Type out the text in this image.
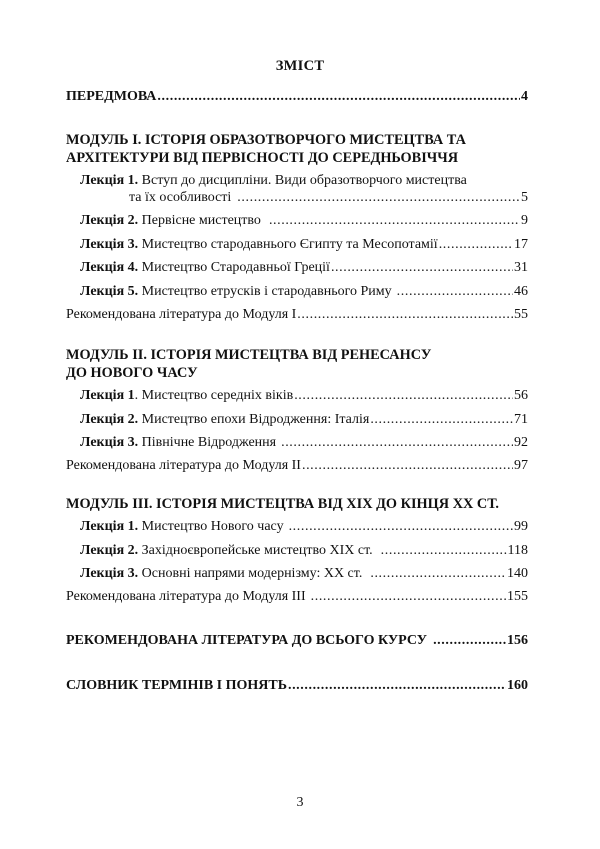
ЗМІСТ
ПЕРЕДМОВА .....	4
МОДУЛЬ І. ІСТОРІЯ ОБРАЗОТВОРЧОГО МИСТЕЦТВА ТА
АРХІТЕКТУРИ ВІД ПЕРВІСНОСТІ ДО СЕРЕДНЬОВІЧЧЯ
Лекція 1. Вступ до дисципліни. Види образотворчого мистецтва
та їх особливості .....	5
Лекція 2. Первісне мистецтво .....	9
Лекція 3. Мистецтво стародавнього Єгипту та Месопотамії .....	17
Лекція 4. Мистецтво Стародавньої Греції .....	31
Лекція 5. Мистецтво етрусків і стародавнього Риму .....	46
Рекомендована література до Модуля І .....	55
МОДУЛЬ ІІ. ІСТОРІЯ МИСТЕЦТВА ВІД РЕНЕСАНСУ
ДО НОВОГО ЧАСУ
Лекція 1. Мистецтво середніх віків .....	56
Лекція 2. Мистецтво епохи Відродження: Італія .....	71
Лекція 3. Північне Відродження .....	92
Рекомендована література до Модуля ІІ .....	97
МОДУЛЬ ІІІ. ІСТОРІЯ МИСТЕЦТВА ВІД ХІХ ДО КІНЦЯ ХХ СТ.
Лекція 1. Мистецтво Нового часу .....	99
Лекція 2. Західноєвропейське мистецтво ХІХ ст. .....	118
Лекція 3. Основні напрями модернізму: ХХ ст. .....	140
Рекомендована література до Модуля ІІІ .....	155
РЕКОМЕНДОВАНА ЛІТЕРАТУРА ДО ВСЬОГО КУРСУ .....	156
СЛОВНИК ТЕРМІНІВ І ПОНЯТЬ .....	160
3
